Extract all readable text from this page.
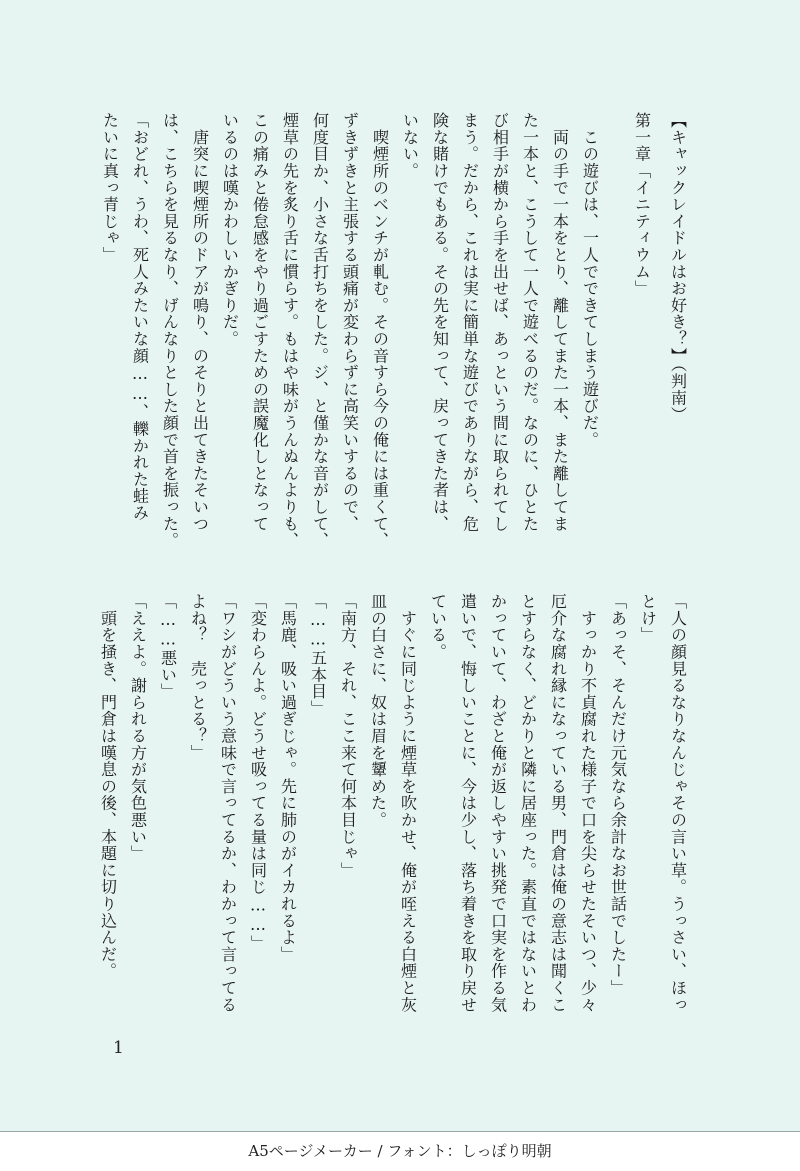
【キャックレイドルはお好き？】（判南）
第一章「イニティウム」
　この遊びは、一人でできてしまう遊びだ。
　両の手で一本をとり、離してまた一本、また離してま
た一本と、こうして一人で遊べるのだ。なのに、ひとた
び相手が横から手を出せば、あっという間に取られてし
まう。だから、これは実に簡単な遊びでありながら、危
険な賭けでもある。その先を知って、戻ってきた者は、
いない。
　喫煙所のベンチが軋む。その音すら今の俺には重くて、
ずきずきと主張する頭痛が変わらずに高笑いするので、
何度目か、小さな舌打ちをした。ジ、と僅かな音がして、
煙草の先を炙り舌に慣らす。もはや味がうんぬんよりも、
この痛みと倦怠感をやり過ごすための誤魔化しとなって
いるのは嘆かわしいかぎりだ。
　唐突に喫煙所のドアが鳴り、のそりと出てきたそいつ
は、こちらを見るなり、げんなりとした顔で首を振った。
「おどれ、うわ、死人みたいな顔……、轢かれた蛙み
たいに真っ青じゃ」
「人の顔見るなりなんじゃその言い草。うっさい、ほっ
とけ」
「あっそ、そんだけ元気なら余計なお世話でしたー」
　すっかり不貞腐れた様子で口を尖らせたそいつ、少々
厄介な腐れ縁になっている男、門倉は俺の意志は聞くこ
とすらなく、どかりと隣に居座った。素直ではないとわ
かっていて、わざと俺が返しやすい挑発で口実を作る気
遣いで、悔しいことに、今は少し、落ち着きを取り戻せ
ている。
　すぐに同じように煙草を吹かせ、俺が咥える白煙と灰
皿の白さに、奴は眉を顰めた。
「南方、それ、ここ来て何本目じゃ」
「……五本目」
「馬鹿、吸い過ぎじゃ。先に肺のがイカれるよ」
「変わらんよ。どうせ吸ってる量は同じ……」
「ワシがどういう意味で言ってるか、わかって言ってる
よね？　売っとる？」
「……悪い」
「ええよ。謝られる方が気色悪い」
　頭を掻き、門倉は嘆息の後、本題に切り込んだ。
1
A5ページメーカー / フォント：しっぽり明朝
